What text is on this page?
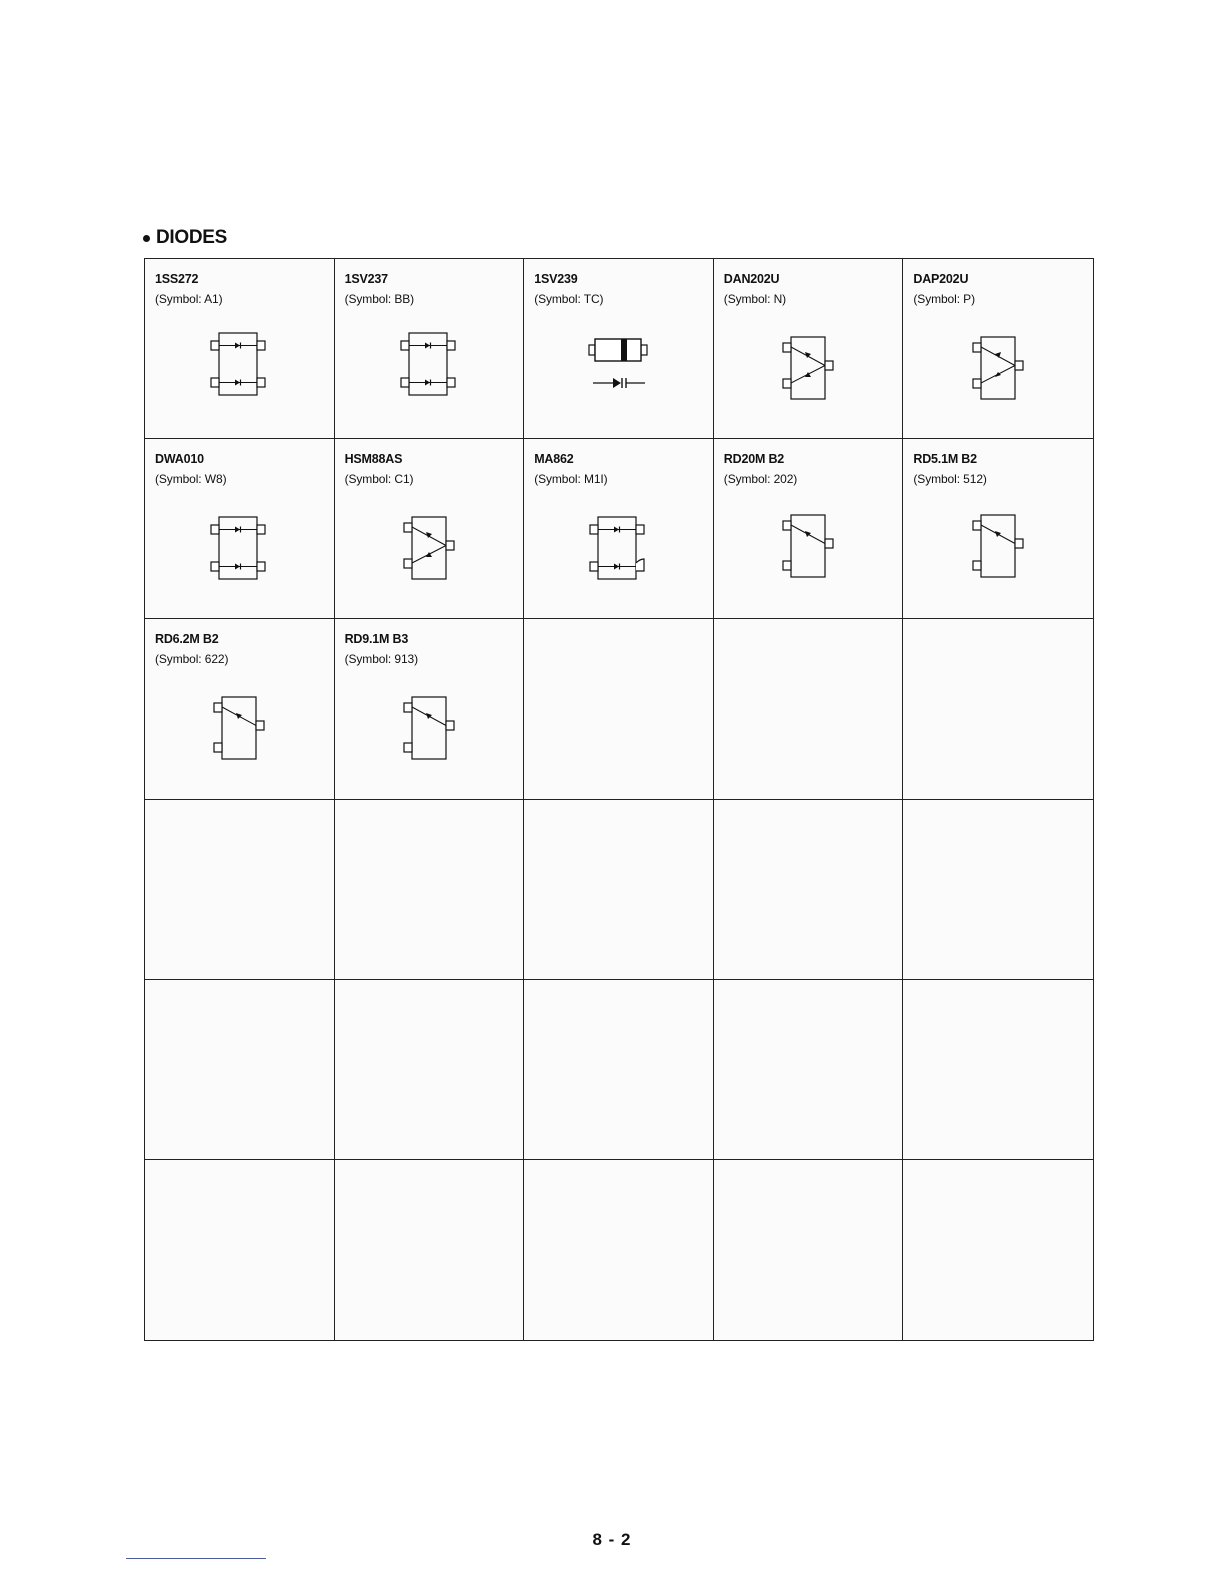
DIODES
1SS272
(Symbol: A1)
1SV237
(Symbol: BB)
1SV239
(Symbol: TC)
DAN202U
(Symbol: N)
DAP202U
(Symbol: P)
DWA010
(Symbol: W8)
HSM88AS
(Symbol: C1)
MA862
(Symbol: M1I)
RD20M B2
(Symbol: 202)
RD5.1M B2
(Symbol: 512)
RD6.2M B2
(Symbol: 622)
RD9.1M B3
(Symbol: 913)
8 - 2
